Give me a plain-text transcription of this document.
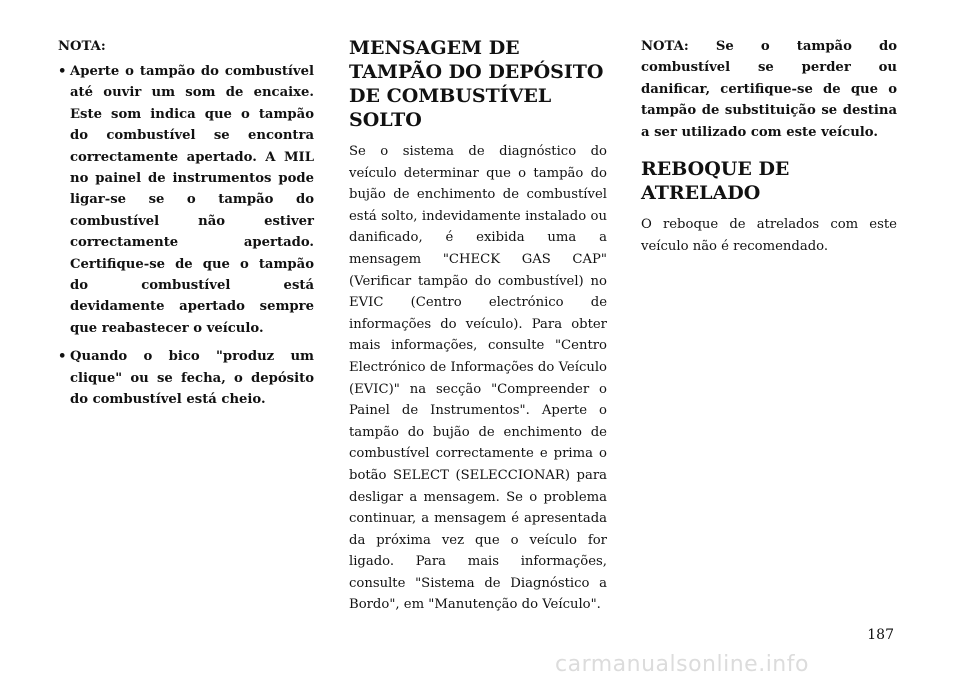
NOTA:
• Aperte o tampão do combustível até ouvir um som de encaixe. Este som indica que o tampão do combustível se encontra correctamente apertado. A MIL no painel de instrumentos pode ligar-se se o tampão do combustível não estiver correctamente apertado. Certifique-se de que o tampão do combustível está devidamente apertado sempre que reabastecer o veículo.
• Quando o bico "produz um clique" ou se fecha, o depósito do combustível está cheio.
MENSAGEM DE TAMPÃO DO DEPÓSITO DE COMBUSTÍVEL SOLTO

Se o sistema de diagnóstico do veículo determinar que o tampão do bujão de enchimento de combustível está solto, indevidamente instalado ou danificado, é exibida uma a mensagem "CHECK GAS CAP" (Verificar tampão do combustível) no EVIC (Centro electrónico de informações do veículo). Para obter mais informações, consulte "Centro Electrónico de Informações do Veículo (EVIC)" na secção "Compreender o Painel de Instrumentos". Aperte o tampão do bujão de enchimento de combustível correctamente e prima o botão SELECT (SELECCIONAR) para desligar a mensagem. Se o problema continuar, a mensagem é apresentada da próxima vez que o veículo for ligado. Para mais informações, consulte "Sistema de Diagnóstico a Bordo", em "Manutenção do Veículo".

NOTA: Se o tampão do combustível se perder ou danificar, certifique-se de que o tampão de substituição se destina a ser utilizado com este veículo.

REBOQUE DE ATRELADO

O reboque de atrelados com este veículo não é recomendado.

187
carmanualsonline.info
